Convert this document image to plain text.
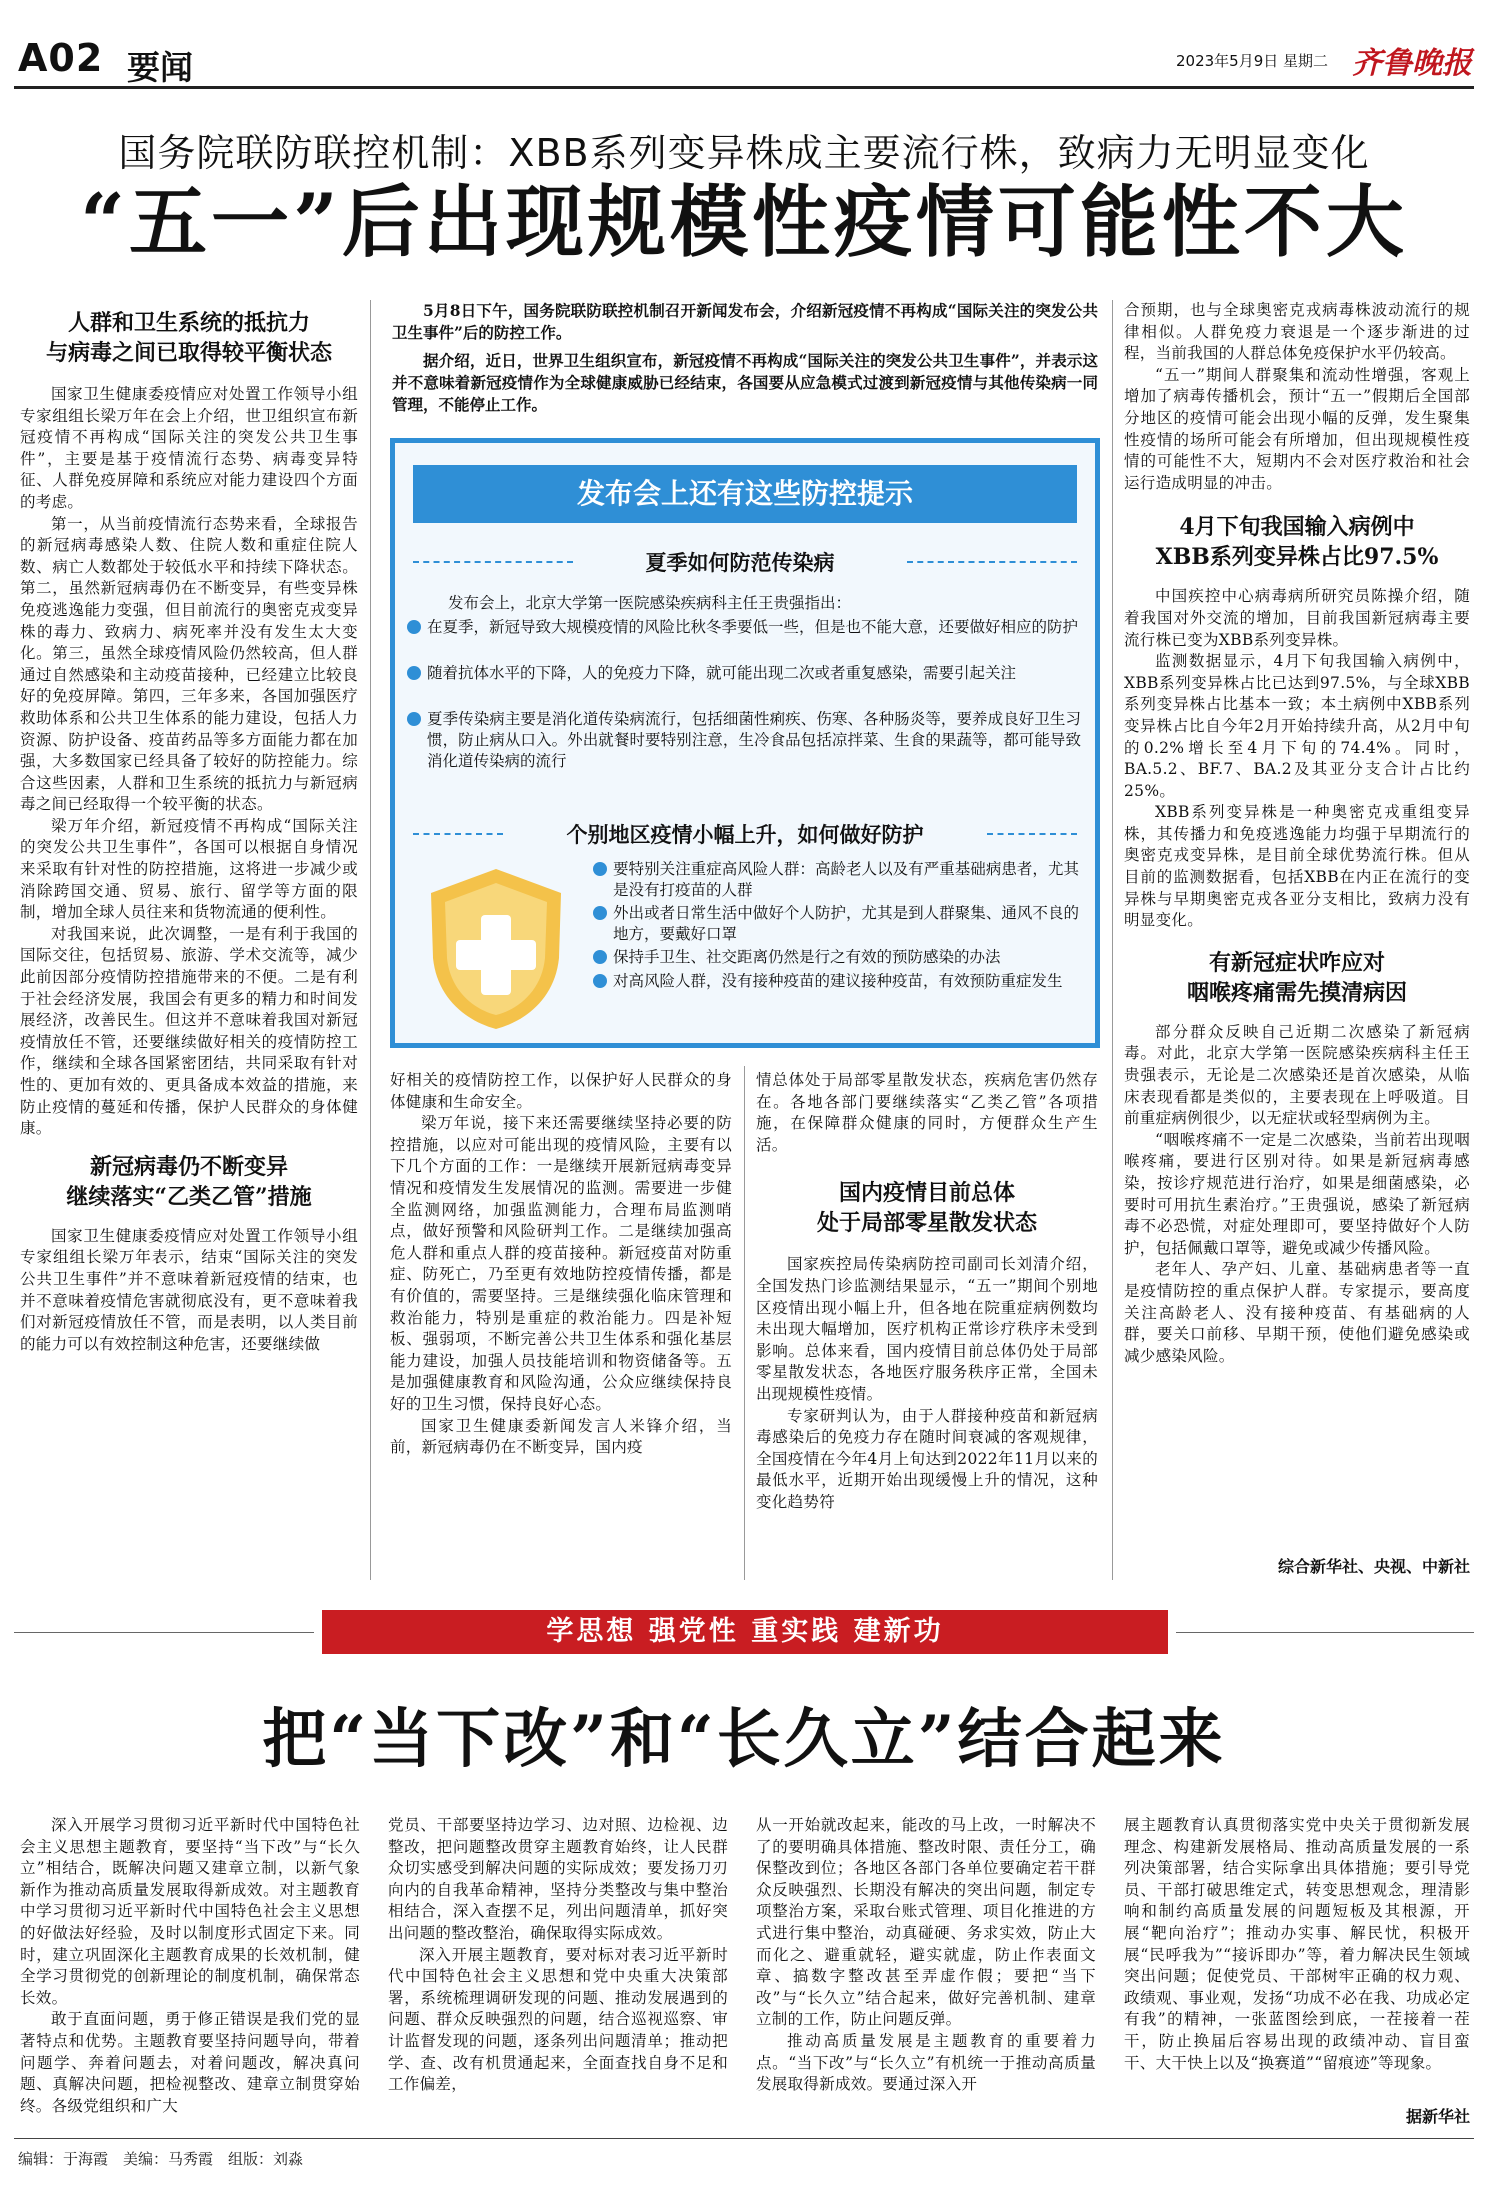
A02 要闻	2023年5月9日 星期二 齐鲁晚报
国务院联防联控机制：XBB系列变异株成主要流行株，致病力无明显变化
“五一”后出现规模性疫情可能性不大
人群和卫生系统的抵抗力
与病毒之间已取得较平衡状态

国家卫生健康委疫情应对处置工作领导小组专家组组长梁万年在会上介绍，世卫组织宣布新冠疫情不再构成“国际关注的突发公共卫生事件”，主要是基于疫情流行态势、病毒变异特征、人群免疫屏障和系统应对能力建设四个方面的考虑。

第一，从当前疫情流行态势来看，全球报告的新冠病毒感染人数、住院人数和重症住院人数、病亡人数都处于较低水平和持续下降状态。第二，虽然新冠病毒仍在不断变异，有些变异株免疫逃逸能力变强，但目前流行的奥密克戎变异株的毒力、致病力、病死率并没有发生太大变化。第三，虽然全球疫情风险仍然较高，但人群通过自然感染和主动疫苗接种，已经建立比较良好的免疫屏障。第四，三年多来，各国加强医疗救助体系和公共卫生体系的能力建设，包括人力资源、防护设备、疫苗药品等多方面能力都在加强，大多数国家已经具备了较好的防控能力。综合这些因素，人群和卫生系统的抵抗力与新冠病毒之间已经取得一个较平衡的状态。

梁万年介绍，新冠疫情不再构成“国际关注的突发公共卫生事件”，各国可以根据自身情况来采取有针对性的防控措施，这将进一步减少或消除跨国交通、贸易、旅行、留学等方面的限制，增加全球人员往来和货物流通的便利性。

对我国来说，此次调整，一是有利于我国的国际交往，包括贸易、旅游、学术交流等，减少此前因部分疫情防控措施带来的不便。二是有利于社会经济发展，我国会有更多的精力和时间发展经济，改善民生。但这并不意味着我国对新冠疫情放任不管，还要继续做好相关的疫情防控工作，继续和全球各国紧密团结，共同采取有针对性的、更加有效的、更具备成本效益的措施，来防止疫情的蔓延和传播，保护人民群众的身体健康。

新冠病毒仍不断变异
继续落实“乙类乙管”措施

国家卫生健康委疫情应对处置工作领导小组专家组组长梁万年表示，结束“国际关注的突发公共卫生事件”并不意味着新冠疫情的结束，也并不意味着疫情危害就彻底没有，更不意味着我们对新冠疫情放任不管，而是表明，以人类目前的能力可以有效控制这种危害，还要继续做

5月8日下午，国务院联防联控机制召开新闻发布会，介绍新冠疫情不再构成“国际关注的突发公共卫生事件”后的防控工作。
据介绍，近日，世界卫生组织宣布，新冠疫情不再构成“国际关注的突发公共卫生事件”，并表示这并不意味着新冠疫情作为全球健康威胁已经结束，各国要从应急模式过渡到新冠疫情与其他传染病一同管理，不能停止工作。
发布会上还有这些防控提示
夏季如何防范传染病
发布会上，北京大学第一医院感染疾病科主任王贵强指出：
在夏季，新冠导致大规模疫情的风险比秋冬季要低一些，但是也不能大意，还要做好相应的防护
随着抗体水平的下降，人的免疫力下降，就可能出现二次或者重复感染，需要引起关注
夏季传染病主要是消化道传染病流行，包括细菌性痢疾、伤寒、各种肠炎等，要养成良好卫生习惯，防止病从口入。外出就餐时要特别注意，生冷食品包括凉拌菜、生食的果蔬等，都可能导致消化道传染病的流行
个别地区疫情小幅上升，如何做好防护
要特别关注重症高风险人群：高龄老人以及有严重基础病患者，尤其是没有打疫苗的人群
外出或者日常生活中做好个人防护，尤其是到人群聚集、通风不良的地方，要戴好口罩
保持手卫生、社交距离仍然是行之有效的预防感染的办法
对高风险人群，没有接种疫苗的建议接种疫苗，有效预防重症发生

好相关的疫情防控工作，以保护好人民群众的身体健康和生命安全。

梁万年说，接下来还需要继续坚持必要的防控措施，以应对可能出现的疫情风险，主要有以下几个方面的工作：一是继续开展新冠病毒变异情况和疫情发生发展情况的监测。需要进一步健全监测网络，加强监测能力，合理布局监测哨点，做好预警和风险研判工作。二是继续加强高危人群和重点人群的疫苗接种。新冠疫苗对防重症、防死亡，乃至更有效地防控疫情传播，都是有价值的，需要坚持。三是继续强化临床管理和救治能力，特别是重症的救治能力。四是补短板、强弱项，不断完善公共卫生体系和强化基层能力建设，加强人员技能培训和物资储备等。五是加强健康教育和风险沟通，公众应继续保持良好的卫生习惯，保持良好心态。

国家卫生健康委新闻发言人米锋介绍，当前，新冠病毒仍在不断变异，国内疫

情总体处于局部零星散发状态，疾病危害仍然存在。各地各部门要继续落实“乙类乙管”各项措施，在保障群众健康的同时，方便群众生产生活。

国内疫情目前总体
处于局部零星散发状态

国家疾控局传染病防控司副司长刘清介绍，全国发热门诊监测结果显示，“五一”期间个别地区疫情出现小幅上升，但各地在院重症病例数均未出现大幅增加，医疗机构正常诊疗秩序未受到影响。总体来看，国内疫情目前总体仍处于局部零星散发状态，各地医疗服务秩序正常，全国未出现规模性疫情。

专家研判认为，由于人群接种疫苗和新冠病毒感染后的免疫力存在随时间衰减的客观规律，全国疫情在今年4月上旬达到2022年11月以来的最低水平，近期开始出现缓慢上升的情况，这种变化趋势符

合预期，也与全球奥密克戎病毒株波动流行的规律相似。人群免疫力衰退是一个逐步渐进的过程，当前我国的人群总体免疫保护水平仍较高。

“五一”期间人群聚集和流动性增强，客观上增加了病毒传播机会，预计“五一”假期后全国部分地区的疫情可能会出现小幅的反弹，发生聚集性疫情的场所可能会有所增加，但出现规模性疫情的可能性不大，短期内不会对医疗救治和社会运行造成明显的冲击。

4月下旬我国输入病例中
XBB系列变异株占比97.5%

中国疾控中心病毒病所研究员陈操介绍，随着我国对外交流的增加，目前我国新冠病毒主要流行株已变为XBB系列变异株。

监测数据显示，4月下旬我国输入病例中，XBB系列变异株占比已达到97.5%，与全球XBB系列变异株占比基本一致；本土病例中XBB系列变异株占比自今年2月开始持续升高，从2月中旬的0.2%增长至4月下旬的74.4%。同时，BA.5.2、BF.7、BA.2及其亚分支合计占比约25%。

XBB系列变异株是一种奥密克戎重组变异株，其传播力和免疫逃逸能力均强于早期流行的奥密克戎变异株，是目前全球优势流行株。但从目前的监测数据看，包括XBB在内正在流行的变异株与早期奥密克戎各亚分支相比，致病力没有明显变化。

有新冠症状咋应对
咽喉疼痛需先摸清病因

部分群众反映自己近期二次感染了新冠病毒。对此，北京大学第一医院感染疾病科主任王贵强表示，无论是二次感染还是首次感染，从临床表现看都是类似的，主要表现在上呼吸道。目前重症病例很少，以无症状或轻型病例为主。

“咽喉疼痛不一定是二次感染，当前若出现咽喉疼痛，要进行区别对待。如果是新冠病毒感染，按诊疗规范进行治疗，如果是细菌感染，必要时可用抗生素治疗。”王贵强说，感染了新冠病毒不必恐慌，对症处理即可，要坚持做好个人防护，包括佩戴口罩等，避免或减少传播风险。

老年人、孕产妇、儿童、基础病患者等一直是疫情防控的重点保护人群。专家提示，要高度关注高龄老人、没有接种疫苗、有基础病的人群，要关口前移、早期干预，使他们避免感染或减少感染风险。

综合新华社、央视、中新社
学思想 强党性 重实践 建新功
把“当下改”和“长久立”结合起来

深入开展学习贯彻习近平新时代中国特色社会主义思想主题教育，要坚持“当下改”与“长久立”相结合，既解决问题又建章立制，以新气象新作为推动高质量发展取得新成效。对主题教育中学习贯彻习近平新时代中国特色社会主义思想的好做法好经验，及时以制度形式固定下来。同时，建立巩固深化主题教育成果的长效机制，健全学习贯彻党的创新理论的制度机制，确保常态长效。

敢于直面问题，勇于修正错误是我们党的显著特点和优势。主题教育要坚持问题导向，带着问题学、奔着问题去，对着问题改，解决真问题、真解决问题，把检视整改、建章立制贯穿始终。各级党组织和广大

党员、干部要坚持边学习、边对照、边检视、边整改，把问题整改贯穿主题教育始终，让人民群众切实感受到解决问题的实际成效；要发扬刀刃向内的自我革命精神，坚持分类整改与集中整治相结合，深入查摆不足，列出问题清单，抓好突出问题的整改整治，确保取得实际成效。

深入开展主题教育，要对标对表习近平新时代中国特色社会主义思想和党中央重大决策部署，系统梳理调研发现的问题、推动发展遇到的问题、群众反映强烈的问题，结合巡视巡察、审计监督发现的问题，逐条列出问题清单；推动把学、查、改有机贯通起来，全面查找自身不足和工作偏差，

从一开始就改起来，能改的马上改，一时解决不了的要明确具体措施、整改时限、责任分工，确保整改到位；各地区各部门各单位要确定若干群众反映强烈、长期没有解决的突出问题，制定专项整治方案，采取台账式管理、项目化推进的方式进行集中整治，动真碰硬、务求实效，防止大而化之、避重就轻，避实就虚，防止作表面文章、搞数字整改甚至弄虚作假；要把“当下改”与“长久立”结合起来，做好完善机制、建章立制的工作，防止问题反弹。

推动高质量发展是主题教育的重要着力点。“当下改”与“长久立”有机统一于推动高质量发展取得新成效。要通过深入开

展主题教育认真贯彻落实党中央关于贯彻新发展理念、构建新发展格局、推动高质量发展的一系列决策部署，结合实际拿出具体措施；要引导党员、干部打破思维定式，转变思想观念，理清影响和制约高质量发展的问题短板及其根源，开展“靶向治疗”；推动办实事、解民忧，积极开展“民呼我为”“接诉即办”等，着力解决民生领域突出问题；促使党员、干部树牢正确的权力观、政绩观、事业观，发扬“功成不必在我、功成必定有我”的精神，一张蓝图绘到底，一茬接着一茬干，防止换届后容易出现的政绩冲动、盲目蛮干、大干快上以及“换赛道”“留痕迹”等现象。

据新华社
编辑：于海霞　美编：马秀霞　组版：刘淼
